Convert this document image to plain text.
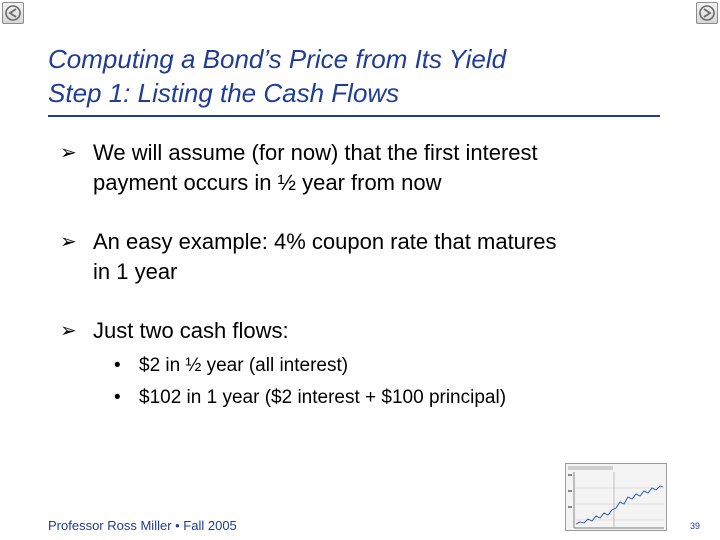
Computing a Bond’s Price from Its Yield
Step 1: Listing the Cash Flows
➢ We will assume (for now) that the first interest
payment occurs in ½ year from now
➢ An easy example: 4% coupon rate that matures
in 1 year
➢ Just two cash flows:
• $2 in ½ year (all interest)
• $102 in 1 year ($2 interest + $100 principal)
Professor Ross Miller • Fall 2005	39
